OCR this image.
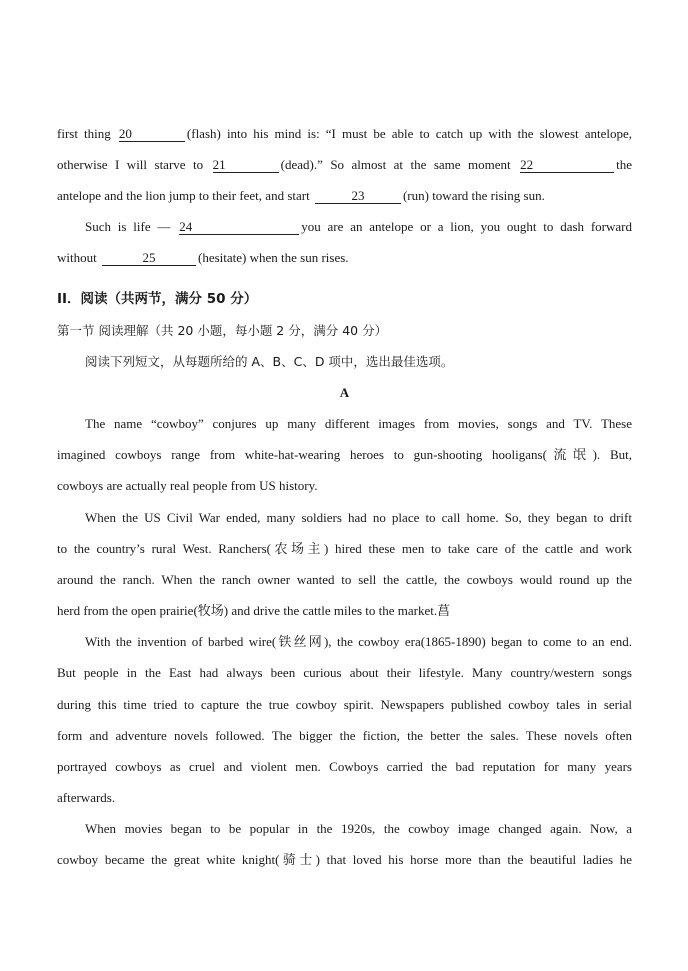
first thing 20	(flash) into his mind is: “I must be able to catch up with the slowest antelope,
otherwise I will starve to 21	(dead).” So almost at the same moment 22	the
antelope and the lion jump to their feet, and start	23	(run) toward the rising sun.
Such is life — 24	you are an antelope or a lion, you ought to dash forward
without	25	(hesitate) when the sun rises.
II．阅读（共两节，满分 50 分）
第一节 阅读理解（共 20 小题，每小题 2 分，满分 40 分）
阅读下列短文，从每题所给的 A、B、C、D 项中，选出最佳选项。
A
The name “cowboy” conjures up many different images from movies, songs and TV. These
imagined cowboys range from white-hat-wearing heroes to gun-shooting hooligans(流氓). But,
cowboys are actually real people from US history.
When the US Civil War ended, many soldiers had no place to call home. So, they began to drift
to the country’s rural West. Ranchers(农场主) hired these men to take care of the cattle and work
around the ranch. When the ranch owner wanted to sell the cattle, the cowboys would round up the
herd from the open prairie(牧场) and drive the cattle miles to the market.菖
With the invention of barbed wire(铁丝网), the cowboy era(1865-1890) began to come to an end.
But people in the East had always been curious about their lifestyle. Many country/western songs
during this time tried to capture the true cowboy spirit. Newspapers published cowboy tales in serial
form and adventure novels followed. The bigger the fiction, the better the sales. These novels often
portrayed cowboys as cruel and violent men. Cowboys carried the bad reputation for many years
afterwards.
When movies began to be popular in the 1920s, the cowboy image changed again. Now, a
cowboy became the great white knight(骑士) that loved his horse more than the beautiful ladies he
